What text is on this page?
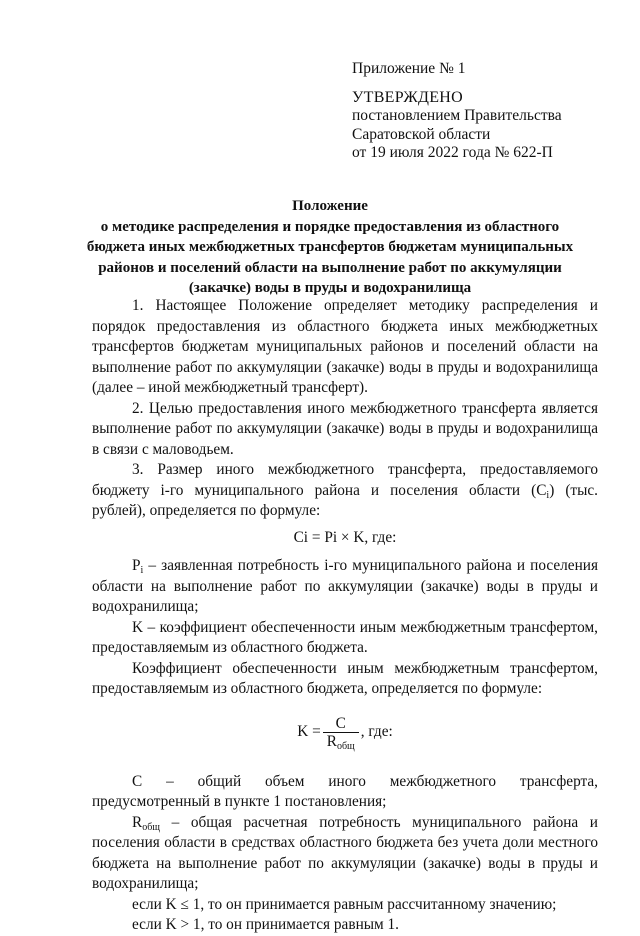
Приложение № 1
УТВЕРЖДЕНО
постановлением Правительства
Саратовской области
от 19 июля 2022 года № 622-П
Положение
о методике распределения и порядке предоставления из областного бюджета иных межбюджетных трансфертов бюджетам муниципальных районов и поселений области на выполнение работ по аккумуляции (закачке) воды в пруды и водохранилища

1. Настоящее Положение определяет методику распределения и порядок предоставления из областного бюджета иных межбюджетных трансфертов бюджетам муниципальных районов и поселений области на выполнение работ по аккумуляции (закачке) воды в пруды и водохранилища (далее – иной межбюджетный трансферт).

2. Целью предоставления иного межбюджетного трансферта является выполнение работ по аккумуляции (закачке) воды в пруды и водохранилища в связи с маловодьем.

3. Размер иного межбюджетного трансферта, предоставляемого бюджету i-го муниципального района и поселения области $(C_i)$ (тыс. рублей), определяется по формуле:

Ci = Pi × K, где:

$P_i$ – заявленная потребность i-го муниципального района и поселения области на выполнение работ по аккумуляции (закачке) воды в пруды и водохранилища;

K – коэффициент обеспеченности иным межбюджетным трансфертом, предоставляемым из областного бюджета.

Коэффициент обеспеченности иным межбюджетным трансфертом, предоставляемым из областного бюджета, определяется по формуле:

$K = \frac{C}{R_{общ}}$ , где:

C – общий объем иного межбюджетного трансферта, предусмотренный в пункте 1 постановления;

$R_{общ}$ – общая расчетная потребность муниципального района и поселения области в средствах областного бюджета без учета доли местного бюджета на выполнение работ по аккумуляции (закачке) воды в пруды и водохранилища;

если K ≤ 1, то он принимается равным рассчитанному значению;

если K > 1, то он принимается равным 1.
